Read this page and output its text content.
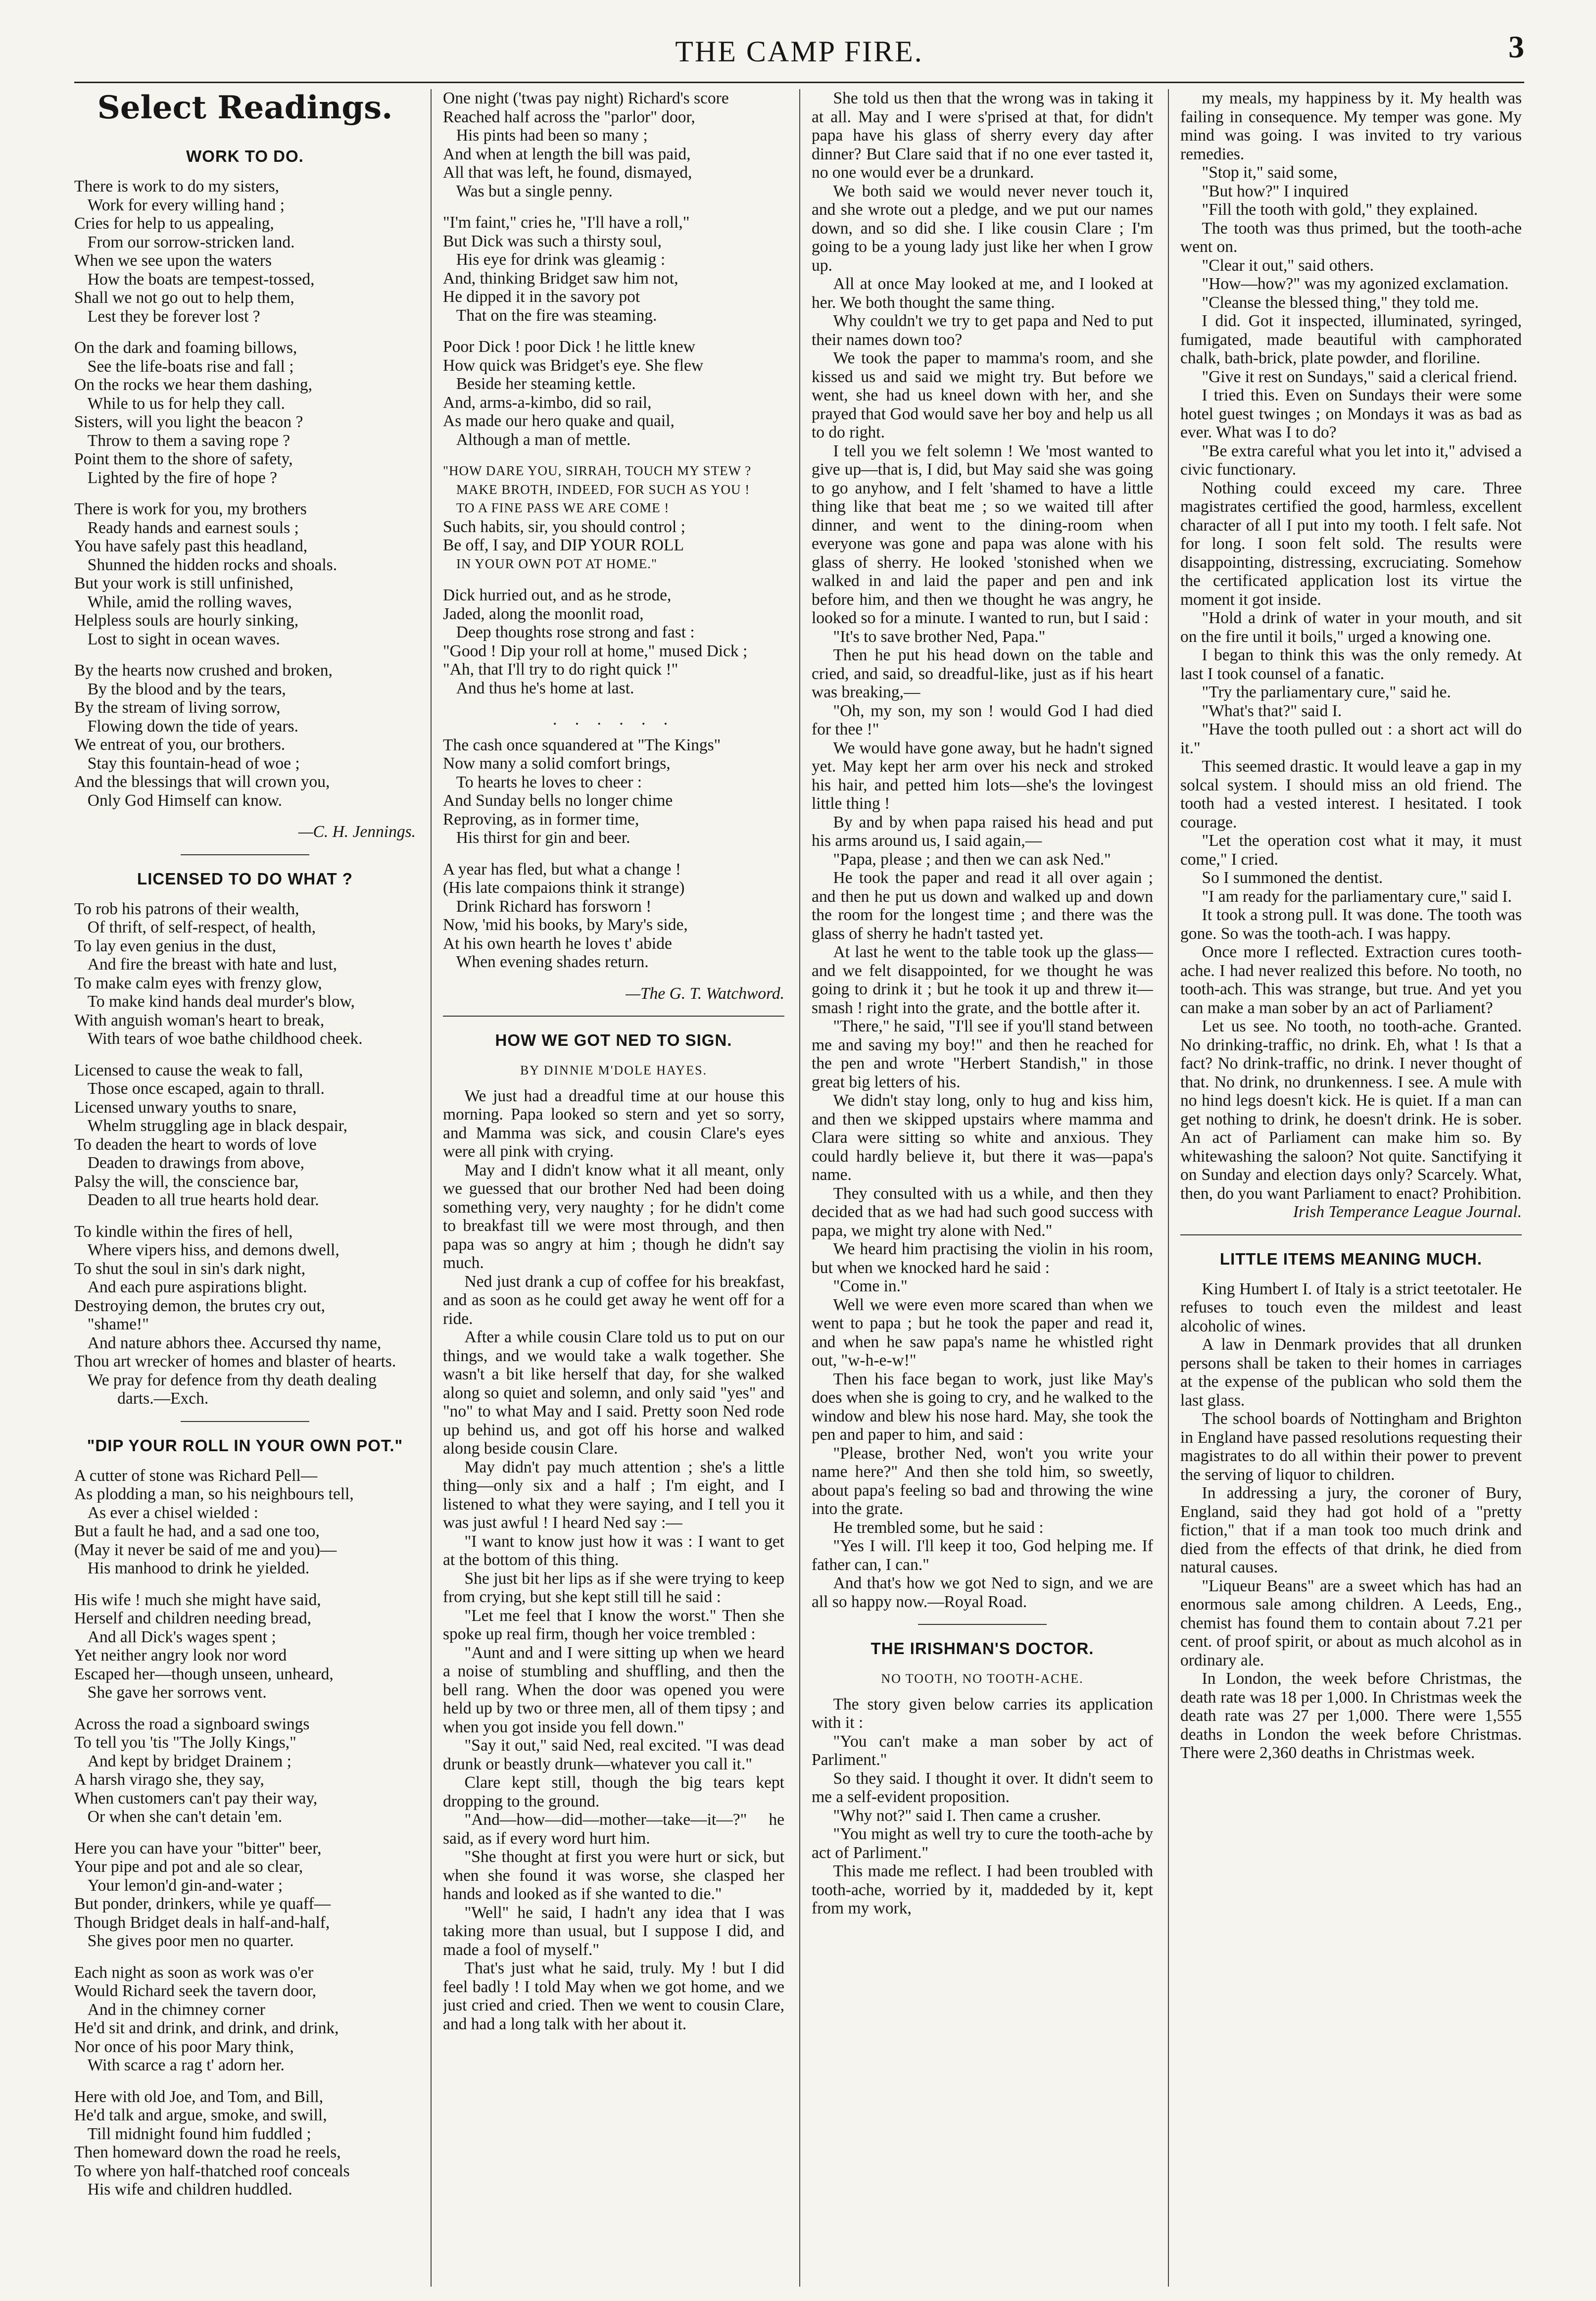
THE CAMP FIRE.	3
Select Readings.
WORK TO DO.
There is work to do my sisters,
Work for every willing hand ;
Cries for help to us appealing,
From our sorrow-stricken land.
When we see upon the waters
How the boats are tempest-tossed,
Shall we not go out to help them,
Lest they be forever lost ?
On the dark and foaming billows,
See the life-boats rise and fall ;
On the rocks we hear them dashing,
While to us for help they call.
Sisters, will you light the beacon ?
Throw to them a saving rope ?
Point them to the shore of safety,
Lighted by the fire of hope ?
There is work for you, my brothers
Ready hands and earnest souls ;
You have safely past this headland,
Shunned the hidden rocks and shoals.
But your work is still unfinished,
While, amid the rolling waves,
Helpless souls are hourly sinking,
Lost to sight in ocean waves.
By the hearts now crushed and broken,
By the blood and by the tears,
By the stream of living sorrow,
Flowing down the tide of years.
We entreat of you, our brothers.
Stay this fountain-head of woe ;
And the blessings that will crown you,
Only God Himself can know.
—C. H. Jennings.
LICENSED TO DO WHAT ?
To rob his patrons of their wealth,
Of thrift, of self-respect, of health,
To lay even genius in the dust,
And fire the breast with hate and lust,
To make calm eyes with frenzy glow,
To make kind hands deal murder's blow,
With anguish woman's heart to break,
With tears of woe bathe childhood cheek.
Licensed to cause the weak to fall,
Those once escaped, again to thrall.
Licensed unwary youths to snare,
Whelm struggling age in black despair,
To deaden the heart to words of love
Deaden to drawings from above,
Palsy the will, the conscience bar,
Deaden to all true hearts hold dear.
To kindle within the fires of hell,
Where vipers hiss, and demons dwell,
To shut the soul in sin's dark night,
And each pure aspirations blight.
Destroying demon, the brutes cry out,
"shame!"
And nature abhors thee. Accursed thy name,
Thou art wrecker of homes and blaster of hearts.
We pray for defence from thy death dealing darts.—Exch.
"DIP YOUR ROLL IN YOUR OWN POT."
A cutter of stone was Richard Pell—
As plodding a man, so his neighbours tell,
As ever a chisel wielded :
But a fault he had, and a sad one too,
(May it never be said of me and you)—
His manhood to drink he yielded.
His wife ! much she might have said,
Herself and children needing bread,
And all Dick's wages spent ;
Yet neither angry look nor word
Escaped her—though unseen, unheard,
She gave her sorrows vent.
Across the road a signboard swings
To tell you 'tis "The Jolly Kings,"
And kept by bridget Drainem ;
A harsh virago she, they say,
When customers can't pay their way,
Or when she can't detain 'em.
Here you can have your "bitter" beer,
Your pipe and pot and ale so clear,
Your lemon'd gin-and-water ;
But ponder, drinkers, while ye quaff—
Though Bridget deals in half-and-half,
She gives poor men no quarter.
Each night as soon as work was o'er
Would Richard seek the tavern door,
And in the chimney corner
He'd sit and drink, and drink, and drink,
Nor once of his poor Mary think,
With scarce a rag t' adorn her.
Here with old Joe, and Tom, and Bill,
He'd talk and argue, smoke, and swill,
Till midnight found him fuddled ;
Then homeward down the road he reels,
To where yon half-thatched roof conceals
His wife and children huddled.
One night ('twas pay night) Richard's score
Reached half across the "parlor" door,
His pints had been so many ;
And when at length the bill was paid,
All that was left, he found, dismayed,
Was but a single penny.
"I'm faint," cries he, "I'll have a roll,"
But Dick was such a thirsty soul,
His eye for drink was gleamig :
And, thinking Bridget saw him not,
He dipped it in the savory pot
That on the fire was steaming.
Poor Dick ! poor Dick ! he little knew
How quick was Bridget's eye. She flew
Beside her steaming kettle.
And, arms-a-kimbo, did so rail,
As made our hero quake and quail,
Although a man of mettle.
"HOW DARE YOU, SIRRAH, TOUCH MY STEW ?
MAKE BROTH, INDEED, FOR SUCH AS YOU !
TO A FINE PASS WE ARE COME !
Such habits, sir, you should control ;
Be off, I say, and DIP YOUR ROLL
IN YOUR OWN POT AT HOME."
Dick hurried out, and as he strode,
Jaded, along the moonlit road,
Deep thoughts rose strong and fast :
"Good ! Dip your roll at home," mused Dick ;
"Ah, that I'll try to do right quick !"
And thus he's home at last.
. . . . . .
The cash once squandered at "The Kings"
Now many a solid comfort brings,
To hearts he loves to cheer :
And Sunday bells no longer chime
Reproving, as in former time,
His thirst for gin and beer.
A year has fled, but what a change !
(His late compaions think it strange)
Drink Richard has forsworn !
Now, 'mid his books, by Mary's side,
At his own hearth he loves t' abide
When evening shades return.
—The G. T. Watchword.
HOW WE GOT NED TO SIGN.
BY DINNIE M'DOLE HAYES.

We just had a dreadful time at our house this morning. Papa looked so stern and yet so sorry, and Mamma was sick, and cousin Clare's eyes were all pink with crying.

May and I didn't know what it all meant, only we guessed that our brother Ned had been doing something very, very naughty ; for he didn't come to breakfast till we were most through, and then papa was so angry at him ; though he didn't say much.

Ned just drank a cup of coffee for his breakfast, and as soon as he could get away he went off for a ride.

After a while cousin Clare told us to put on our things, and we would take a walk together. She wasn't a bit like herself that day, for she walked along so quiet and solemn, and only said "yes" and "no" to what May and I said. Pretty soon Ned rode up behind us, and got off his horse and walked along beside cousin Clare.

May didn't pay much attention ; she's a little thing—only six and a half ; I'm eight, and I listened to what they were saying, and I tell you it was just awful ! I heard Ned say :—

"I want to know just how it was : I want to get at the bottom of this thing.

She just bit her lips as if she were trying to keep from crying, but she kept still till he said :

"Let me feel that I know the worst." Then she spoke up real firm, though her voice trembled :

"Aunt and and I were sitting up when we heard a noise of stumbling and shuffling, and then the bell rang. When the door was opened you were held up by two or three men, all of them tipsy ; and when you got inside you fell down."

"Say it out," said Ned, real excited. "I was dead drunk or beastly drunk—whatever you call it."

Clare kept still, though the big tears kept dropping to the ground.

"And—how—did—mother—take—it—?" he said, as if every word hurt him.

"She thought at first you were hurt or sick, but when she found it was worse, she clasped her hands and looked as if she wanted to die."

"Well" he said, I hadn't any idea that I was taking more than usual, but I suppose I did, and made a fool of myself."

That's just what he said, truly. My ! but I did feel badly ! I told May when we got home, and we just cried and cried. Then we went to cousin Clare, and had a long talk with her about it.

She told us then that the wrong was in taking it at all. May and I were s'prised at that, for didn't papa have his glass of sherry every day after dinner? But Clare said that if no one ever tasted it, no one would ever be a drunkard.

We both said we would never never touch it, and she wrote out a pledge, and we put our names down, and so did she. I like cousin Clare ; I'm going to be a young lady just like her when I grow up.

All at once May looked at me, and I looked at her. We both thought the same thing.

Why couldn't we try to get papa and Ned to put their names down too?

We took the paper to mamma's room, and she kissed us and said we might try. But before we went, she had us kneel down with her, and she prayed that God would save her boy and help us all to do right.

I tell you we felt solemn ! We 'most wanted to give up—that is, I did, but May said she was going to go anyhow, and I felt 'shamed to have a little thing like that beat me ; so we waited till after dinner, and went to the dining-room when everyone was gone and papa was alone with his glass of sherry. He looked 'stonished when we walked in and laid the paper and pen and ink before him, and then we thought he was angry, he looked so for a minute. I wanted to run, but I said :

"It's to save brother Ned, Papa."

Then he put his head down on the table and cried, and said, so dreadful-like, just as if his heart was breaking,—

"Oh, my son, my son ! would God I had died for thee !"

We would have gone away, but he hadn't signed yet. May kept her arm over his neck and stroked his hair, and petted him lots—she's the lovingest little thing !

By and by when papa raised his head and put his arms around us, I said again,—

"Papa, please ; and then we can ask Ned."

He took the paper and read it all over again ; and then he put us down and walked up and down the room for the longest time ; and there was the glass of sherry he hadn't tasted yet.

At last he went to the table took up the glass—and we felt disappointed, for we thought he was going to drink it ; but he took it up and threw it—smash ! right into the grate, and the bottle after it.

"There," he said, "I'll see if you'll stand between me and saving my boy!" and then he reached for the pen and wrote "Herbert Standish," in those great big letters of his.

We didn't stay long, only to hug and kiss him, and then we skipped upstairs where mamma and Clara were sitting so white and anxious. They could hardly believe it, but there it was—papa's name.

They consulted with us a while, and then they decided that as we had had such good success with papa, we might try alone with Ned."

We heard him practising the violin in his room, but when we knocked hard he said :

"Come in."

Well we were even more scared than when we went to papa ; but he took the paper and read it, and when he saw papa's name he whistled right out, "w-h-e-w!"

Then his face began to work, just like May's does when she is going to cry, and he walked to the window and blew his nose hard. May, she took the pen and paper to him, and said :

"Please, brother Ned, won't you write your name here?" And then she told him, so sweetly, about papa's feeling so bad and throwing the wine into the grate.

He trembled some, but he said :

"Yes I will. I'll keep it too, God helping me. If father can, I can."

And that's how we got Ned to sign, and we are all so happy now.—Royal Road.

THE IRISHMAN'S DOCTOR.
NO TOOTH, NO TOOTH-ACHE.

The story given below carries its application with it :

"You can't make a man sober by act of Parliment."

So they said. I thought it over. It didn't seem to me a self-evident proposition.

"Why not?" said I. Then came a crusher.

"You might as well try to cure the tooth-ache by act of Parliment."

This made me reflect. I had been troubled with tooth-ache, worried by it, maddeded by it, kept from my work,

my meals, my happiness by it. My health was failing in consequence. My temper was gone. My mind was going. I was invited to try various remedies.

"Stop it," said some,

"But how?" I inquired

"Fill the tooth with gold," they explained.

The tooth was thus primed, but the tooth-ache went on.

"Clear it out," said others.

"How—how?" was my agonized exclamation.

"Cleanse the blessed thing," they told me.

I did. Got it inspected, illuminated, syringed, fumigated, made beautiful with camphorated chalk, bath-brick, plate powder, and floriline.

"Give it rest on Sundays," said a clerical friend.

I tried this. Even on Sundays their were some hotel guest twinges ; on Mondays it was as bad as ever. What was I to do?

"Be extra careful what you let into it," advised a civic functionary.

Nothing could exceed my care. Three magistrates certified the good, harmless, excellent character of all I put into my tooth. I felt safe. Not for long. I soon felt sold. The results were disappointing, distressing, excruciating. Somehow the certificated application lost its virtue the moment it got inside.

"Hold a drink of water in your mouth, and sit on the fire until it boils," urged a knowing one.

I began to think this was the only remedy. At last I took counsel of a fanatic.

"Try the parliamentary cure," said he.

"What's that?" said I.

"Have the tooth pulled out : a short act will do it."

This seemed drastic. It would leave a gap in my solcal system. I should miss an old friend. The tooth had a vested interest. I hesitated. I took courage.

"Let the operation cost what it may, it must come," I cried.

So I summoned the dentist.

"I am ready for the parliamentary cure," said I.

It took a strong pull. It was done. The tooth was gone. So was the tooth-ach. I was happy.

Once more I reflected. Extraction cures tooth-ache. I had never realized this before. No tooth, no tooth-ach. This was strange, but true. And yet you can make a man sober by an act of Parliament?

Let us see. No tooth, no tooth-ache. Granted. No drinking-traffic, no drink. Eh, what ! Is that a fact? No drink-traffic, no drink. I never thought of that. No drink, no drunkenness. I see. A mule with no hind legs doesn't kick. He is quiet. If a man can get nothing to drink, he doesn't drink. He is sober. An act of Parliament can make him so. By whitewashing the saloon? Not quite. Sanctifying it on Sunday and election days only? Scarcely. What, then, do you want Parliament to enact? Prohibition.

Irish Temperance League Journal.
LITTLE ITEMS MEANING MUCH.

King Humbert I. of Italy is a strict teetotaler. He refuses to touch even the mildest and least alcoholic of wines.

A law in Denmark provides that all drunken persons shall be taken to their homes in carriages at the expense of the publican who sold them the last glass.

The school boards of Nottingham and Brighton in England have passed resolutions requesting their magistrates to do all within their power to prevent the serving of liquor to children.

In addressing a jury, the coroner of Bury, England, said they had got hold of a "pretty fiction," that if a man took too much drink and died from the effects of that drink, he died from natural causes.

"Liqueur Beans" are a sweet which has had an enormous sale among children. A Leeds, Eng., chemist has found them to contain about 7.21 per cent. of proof spirit, or about as much alcohol as in ordinary ale.

In London, the week before Christmas, the death rate was 18 per 1,000. In Christmas week the death rate was 27 per 1,000. There were 1,555 deaths in London the week before Christmas. There were 2,360 deaths in Christmas week.
